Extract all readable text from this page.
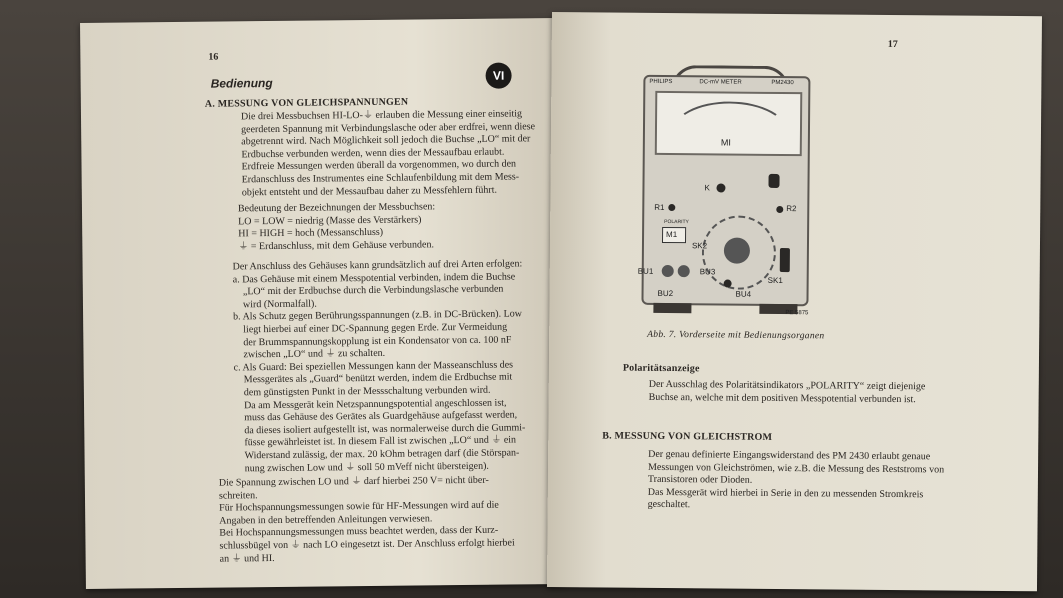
16
Bedienung
VI
A. MESSUNG VON GLEICHSPANNUNGEN
Die drei Messbuchsen HI-LO-⏚ erlauben die Messung einer einseitig
geerdeten Spannung mit Verbindungslasche oder aber erdfrei, wenn diese
abgetrennt wird. Nach Möglichkeit soll jedoch die Buchse „LO“ mit der
Erdbuchse verbunden werden, wenn dies der Messaufbau erlaubt.
Erdfreie Messungen werden überall da vorgenommen, wo durch den
Erdanschluss des Instrumentes eine Schlaufenbildung mit dem Mess-
objekt entsteht und der Messaufbau daher zu Messfehlern führt.
Bedeutung der Bezeichnungen der Messbuchsen:
LO = LOW = niedrig (Masse des Verstärkers)
HI = HIGH = hoch (Messanschluss)
⏚ = Erdanschluss, mit dem Gehäuse verbunden.
Der Anschluss des Gehäuses kann grundsätzlich auf drei Arten erfolgen:
a. Das Gehäuse mit einem Messpotential verbinden, indem die Buchse
„LO“ mit der Erdbuchse durch die Verbindungslasche verbunden
wird (Normalfall).
b. Als Schutz gegen Berührungsspannungen (z.B. in DC-Brücken). Low
liegt hierbei auf einer DC-Spannung gegen Erde. Zur Vermeidung
der Brummspannungskopplung ist ein Kondensator von ca. 100 nF
zwischen „LO“ und ⏚ zu schalten.
c. Als Guard: Bei speziellen Messungen kann der Masseanschluss des
Messgerätes als „Guard“ benützt werden, indem die Erdbuchse mit
dem günstigsten Punkt in der Messschaltung verbunden wird.
Da am Messgerät kein Netzspannungspotential angeschlossen ist,
muss das Gehäuse des Gerätes als Guardgehäuse aufgefasst werden,
da dieses isoliert aufgestellt ist, was normalerweise durch die Gummi-
füsse gewährleistet ist. In diesem Fall ist zwischen „LO“ und ⏚ ein
Widerstand zulässig, der max. 20 kOhm betragen darf (die Störspan-
nung zwischen Low und ⏚ soll 50 mVeff nicht übersteigen).
Die Spannung zwischen LO und ⏚ darf hierbei 250 V= nicht über-
schreiten.
Für Hochspannungsmessungen sowie für HF-Messungen wird auf die
Angaben in den betreffenden Anleitungen verwiesen.
Bei Hochspannungsmessungen muss beachtet werden, dass der Kurz-
schlussbügel von ⏚ nach LO eingesetzt ist. Der Anschluss erfolgt hierbei
an ⏚ und HI.
17
PHILIPS	DC-mV METER	PM2430
MI
K
R1	R2
POLARITY
M1
SK2
SK1
BU1	BU3
BU2	BU4
PE 5875
Abb. 7. Vorderseite mit Bedienungsorganen
Polaritätsanzeige
Der Ausschlag des Polaritätsindikators „POLARITY“ zeigt diejenige
Buchse an, welche mit dem positiven Messpotential verbunden ist.
B. MESSUNG VON GLEICHSTROM
Der genau definierte Eingangswiderstand des PM 2430 erlaubt genaue
Messungen von Gleichströmen, wie z.B. die Messung des Reststroms von
Transistoren oder Dioden.
Das Messgerät wird hierbei in Serie in den zu messenden Stromkreis
geschaltet.
